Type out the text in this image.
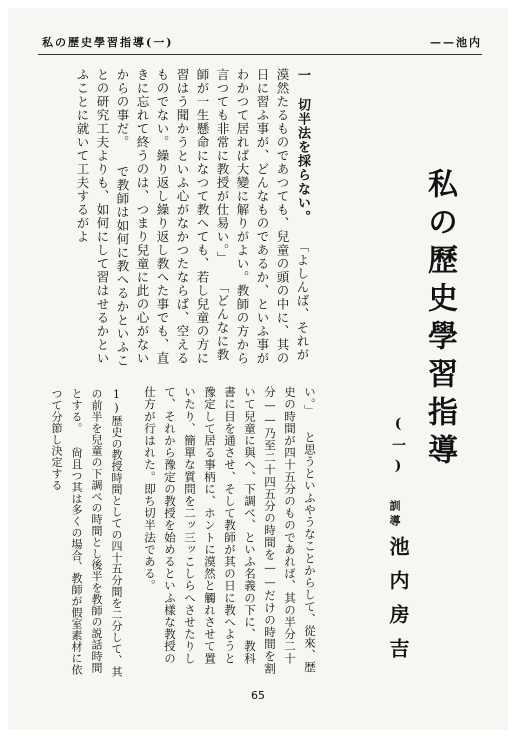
私の歷史學習指導(一)	——池内
一 切半法を採らない。 「よしんば、それが漠然たるものであつても、兒童の頭の中に、其の日に習ふ事が、どんなものであるか、といふ事がわかつて居れば大變に解りがよい。教師の方から言つても非常に教授が仕易い。」 「どんなに教師が一生懸命になつて教へても、若し兒童の方に習はう聞かうといふ心がなかつたならば、空えるものでない。繰り返し繰り返し教へた事でも、直きに忘れて終うのは、つまり兒童に此の心がないからの事だ。 で教師は如何に教へるかといふことの研究工夫よりも、如何にして習はせるかといふことに就いて工夫するがよ
私の歷史學習指導
(一)
訓導
池内房吉
い。」 と思うといふやうなことからして、從來、歴史の時間が四十五分のものであれば、其の半分二十分——乃至二十四五分の時間を——だけの時間を割いて兒童に與へ、下調べ、といふ名義の下に、教科書に目を通させ、そして教師が其の日に教へようと豫定して居る事柄に、ホントに漠然と觸れさせて置いたり、簡單な質問を二ッ三ッこしらへさせたりして、それから豫定の教授を始めるといふ樣な教授の仕方が行はれた。即ち切半法である。
1)歴史の教授時間としての四十五分間を二分して、其の前半を兒童の下調べの時間とし後半を教師の説話時間とする。 尙且つ其は多くの場合、教師が假室素材に依つて分節し決定する
65
